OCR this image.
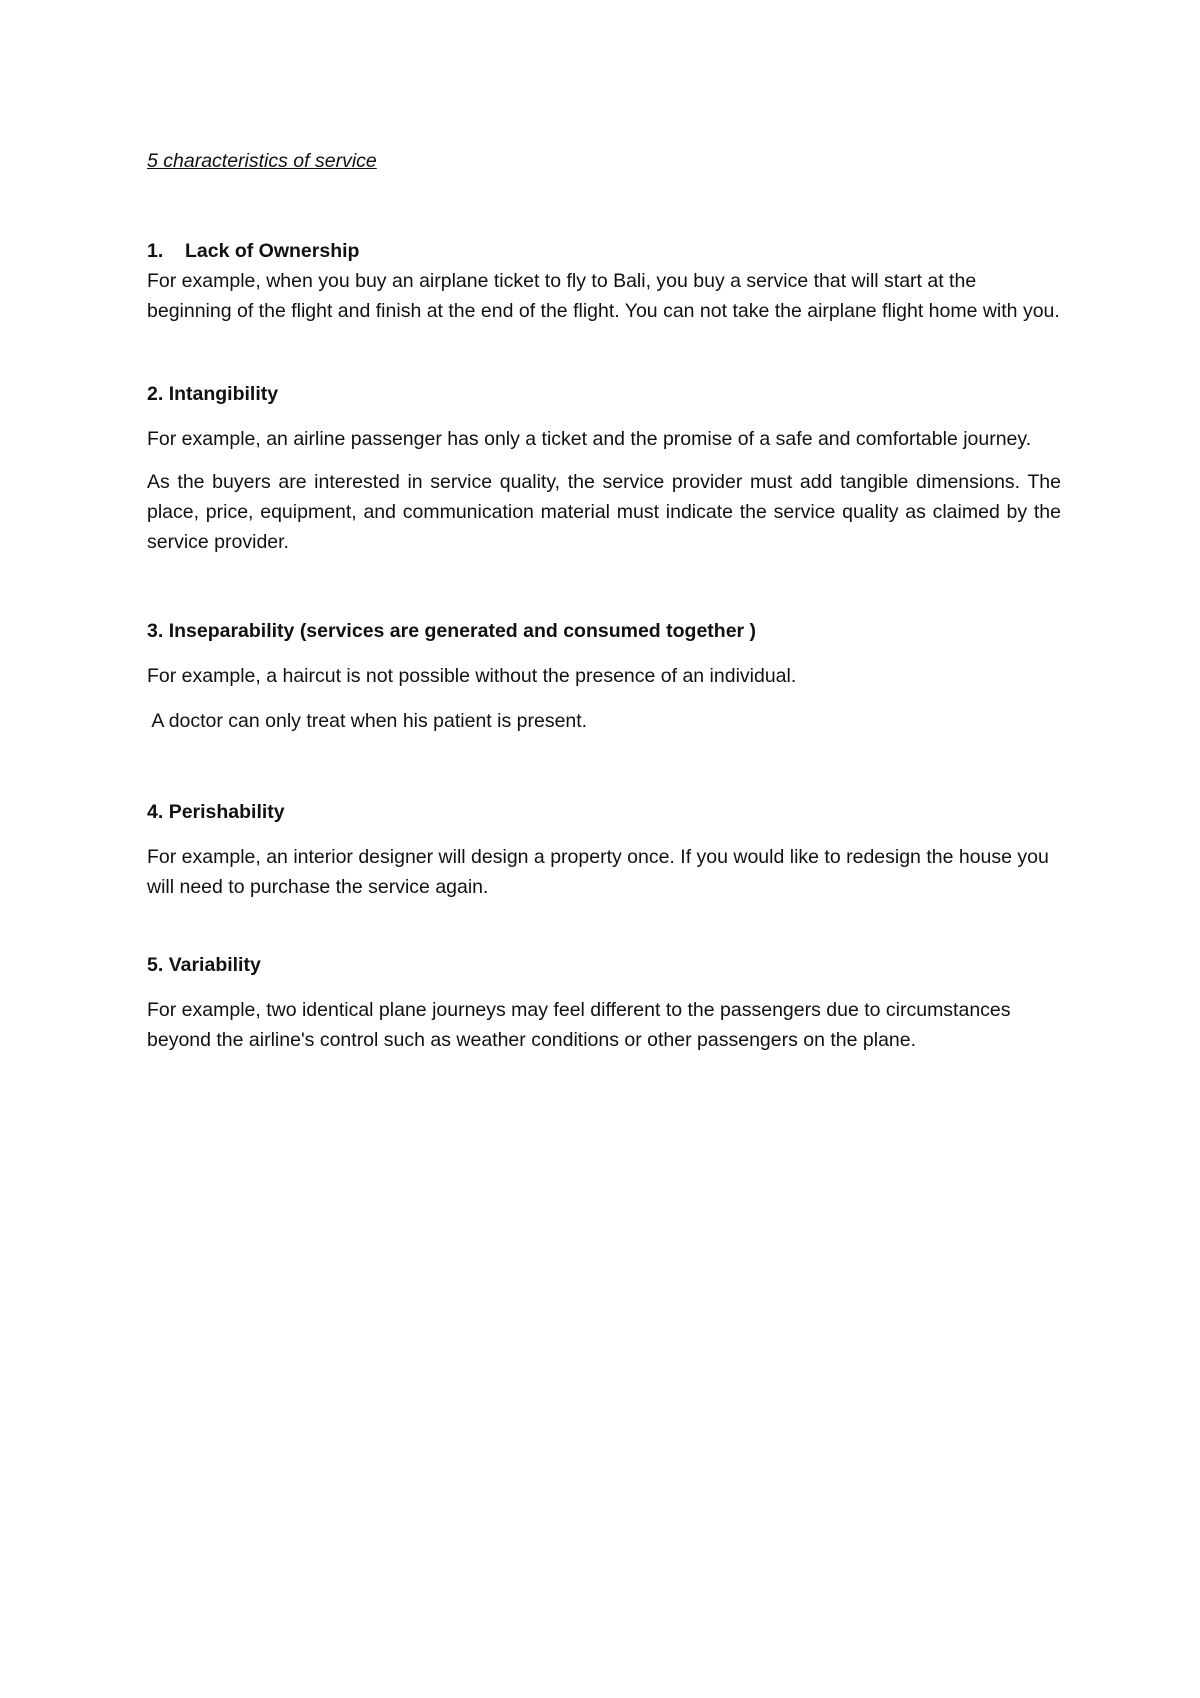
5 characteristics of service
1. Lack of Ownership

For example, when you buy an airplane ticket to fly to Bali, you buy a service that will start at the beginning of the flight and finish at the end of the flight. You can not take the airplane flight home with you.

2. Intangibility

For example, an airline passenger has only a ticket and the promise of a safe and comfortable journey.

As the buyers are interested in service quality, the service provider must add tangible dimensions. The place, price, equipment, and communication material must indicate the service quality as claimed by the service provider.

3. Inseparability (services are generated and consumed together )

For example, a haircut is not possible without the presence of an individual.

A doctor can only treat when his patient is present.

4. Perishability

For example, an interior designer will design a property once. If you would like to redesign the house you will need to purchase the service again.

5. Variability

For example, two identical plane journeys may feel different to the passengers due to circumstances beyond the airline's control such as weather conditions or other passengers on the plane.
